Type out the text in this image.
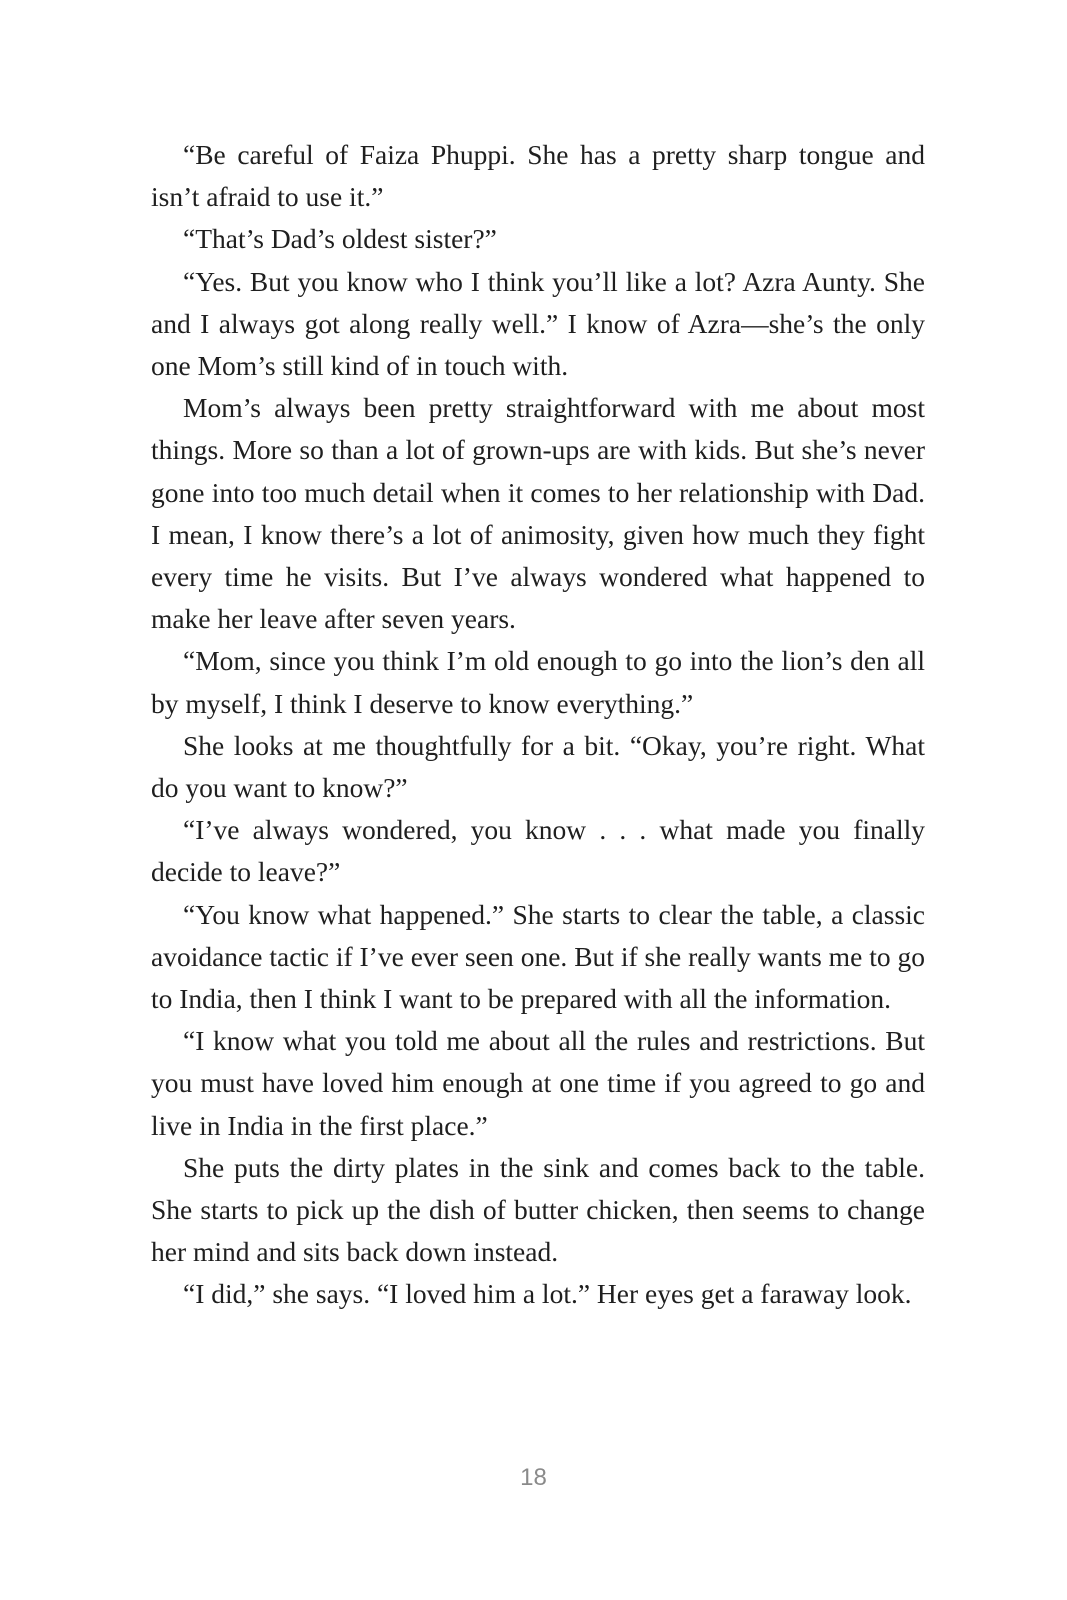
“Be careful of Faiza Phuppi. She has a pretty sharp tongue and isn’t afraid to use it.”

“That’s Dad’s oldest sister?”

“Yes. But you know who I think you’ll like a lot? Azra Aunty. She and I always got along really well.” I know of Azra—she’s the only one Mom’s still kind of in touch with.

Mom’s always been pretty straightforward with me about most things. More so than a lot of grown-ups are with kids. But she’s never gone into too much detail when it comes to her relationship with Dad. I mean, I know there’s a lot of animosity, given how much they fight every time he visits. But I’ve always wondered what happened to make her leave after seven years.

“Mom, since you think I’m old enough to go into the lion’s den all by myself, I think I deserve to know everything.”

She looks at me thoughtfully for a bit. “Okay, you’re right. What do you want to know?”

“I’ve always wondered, you know . . . what made you finally decide to leave?”

“You know what happened.” She starts to clear the table, a classic avoidance tactic if I’ve ever seen one. But if she really wants me to go to India, then I think I want to be prepared with all the information.

“I know what you told me about all the rules and restrictions. But you must have loved him enough at one time if you agreed to go and live in India in the first place.”

She puts the dirty plates in the sink and comes back to the table. She starts to pick up the dish of butter chicken, then seems to change her mind and sits back down instead.

“I did,” she says. “I loved him a lot.” Her eyes get a faraway look.

18
